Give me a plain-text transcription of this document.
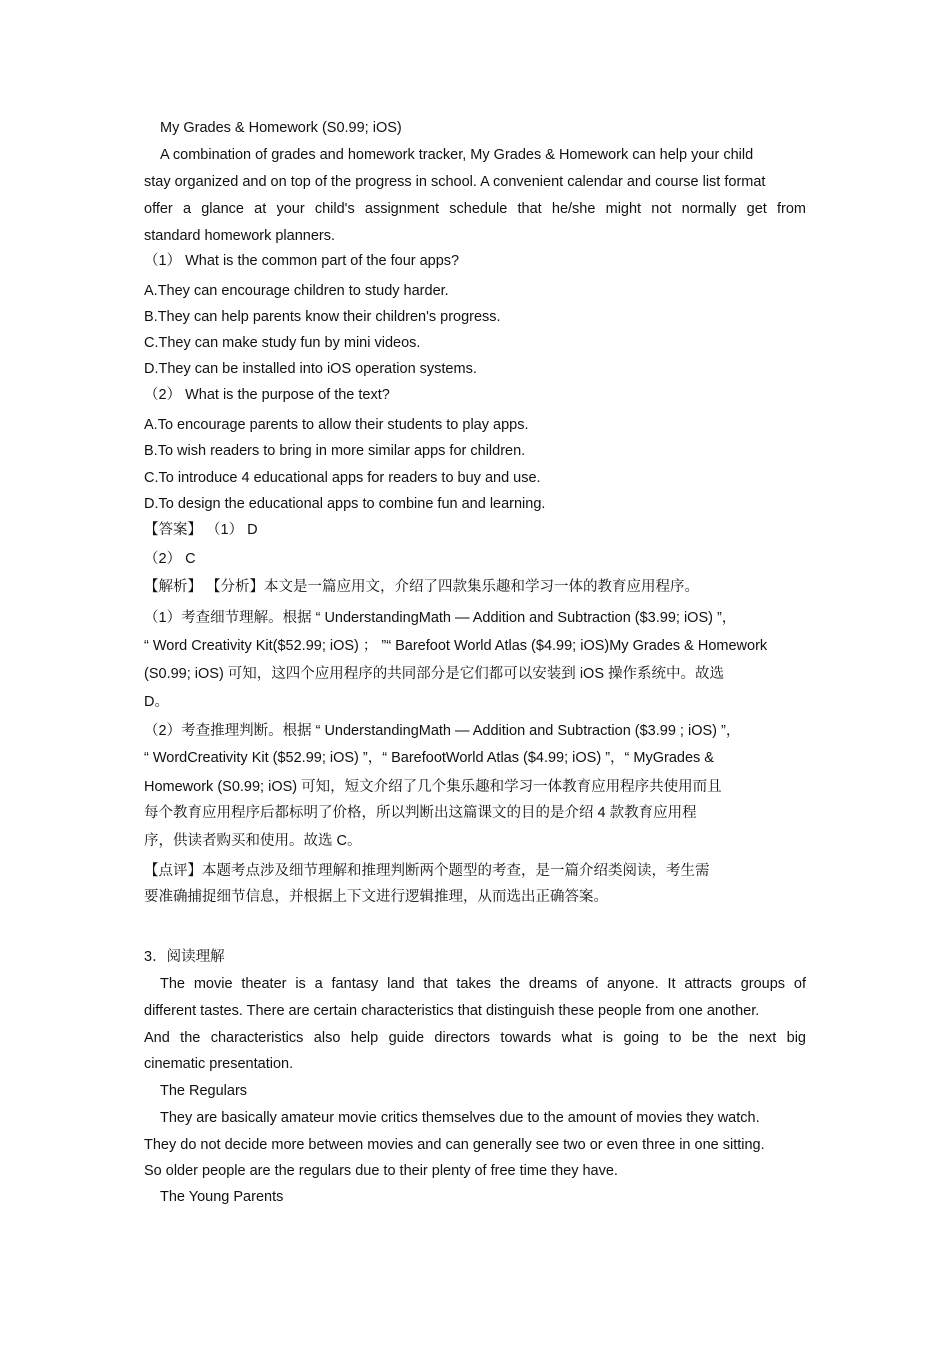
My Grades & Homework (S0.99; iOS)
A combination of grades and homework tracker, My Grades & Homework can help your child
stay organized and on top of the progress in school. A convenient calendar and course list format
offer a glance at your child's assignment schedule that he/she might not normally get from
standard homework planners.
（1） What is the common part of the four apps?
A.They can encourage children to study harder.
B.They can help parents know their children's progress.
C.They can make study fun by mini videos.
D.They can be installed into iOS operation systems.
（2） What is the purpose of the text?
A.To encourage parents to allow their students to play apps.
B.To wish readers to bring in more similar apps for children.
C.To introduce 4 educational apps for readers to buy and use.
D.To design the educational apps to combine fun and learning.
【答案】 （1） D
（2） C
【解析】 【分析】本文是一篇应用文，介绍了四款集乐趣和学习一体的教育应用程序。
（1）考查细节理解。根据 “ UnderstandingMath — Addition and Subtraction ($3.99; iOS) ”，
“ Word Creativity Kit($52.99; iOS) ； ”“ Barefoot World Atlas ($4.99; iOS)My Grades & Homework
(S0.99; iOS) 可知，这四个应用程序的共同部分是它们都可以安装到 iOS 操作系统中。故选
D。
（2）考查推理判断。根据 “ UnderstandingMath — Addition and Subtraction ($3.99 ; iOS) ”，
“ WordCreativity Kit ($52.99; iOS) ”，“ BarefootWorld Atlas ($4.99; iOS) ”，“ MyGrades &
Homework (S0.99; iOS) 可知，短文介绍了几个集乐趣和学习一体教育应用程序共使用而且
每个教育应用程序后都标明了价格，所以判断出这篇课文的目的是介绍 4 款教育应用程
序，供读者购买和使用。故选 C。
【点评】本题考点涉及细节理解和推理判断两个题型的考查，是一篇介绍类阅读，考生需
要准确捕捉细节信息，并根据上下文进行逻辑推理，从而选出正确答案。
3．阅读理解
The movie theater is a fantasy land that takes the dreams of anyone. It attracts groups of
different tastes. There are certain characteristics that distinguish these people from one another.
And the characteristics also help guide directors towards what is going to be the next big
cinematic presentation.
The Regulars
They are basically amateur movie critics themselves due to the amount of movies they watch.
They do not decide more between movies and can generally see two or even three in one sitting.
So older people are the regulars due to their plenty of free time they have.
The Young Parents
